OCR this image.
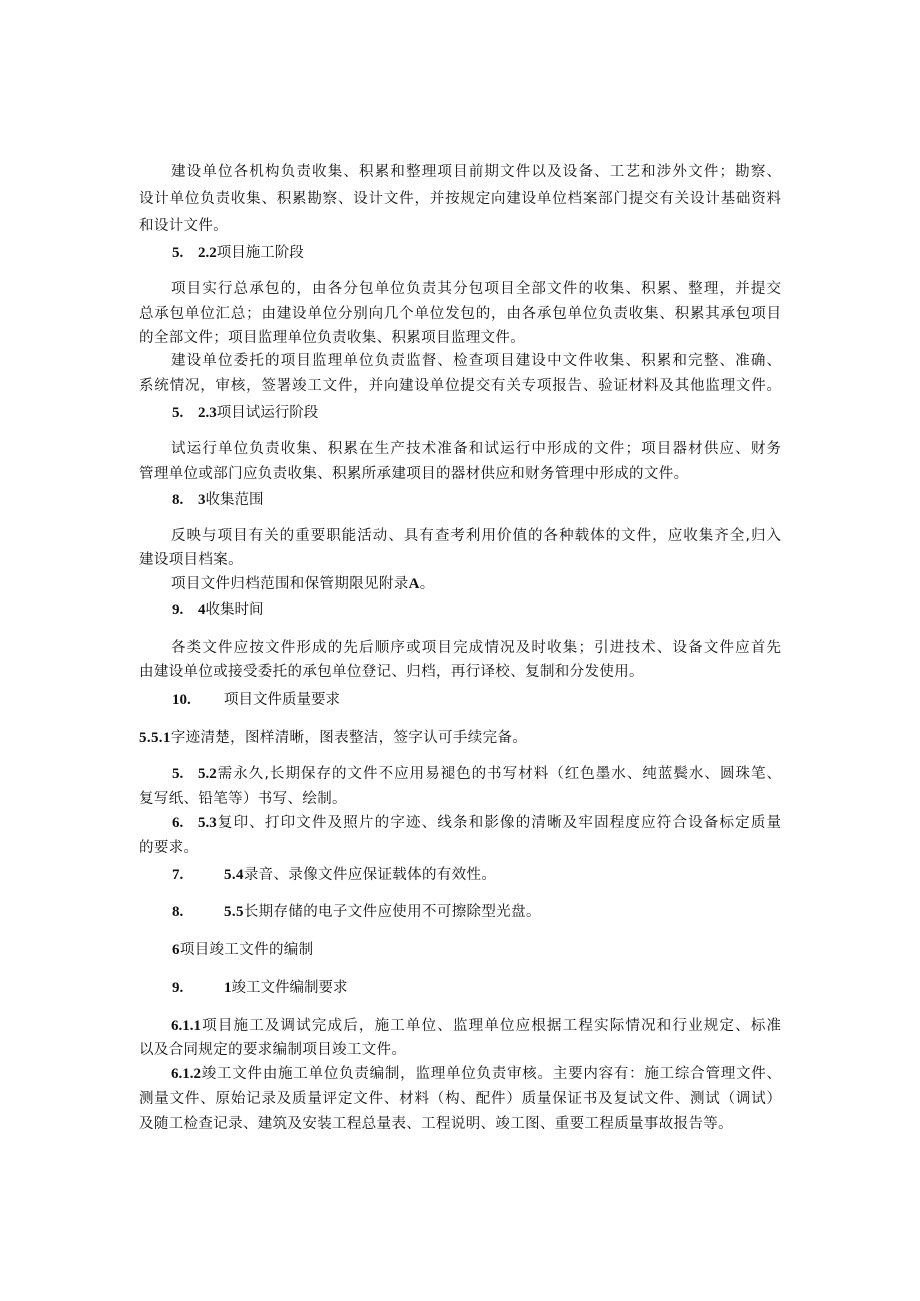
建设单位各机构负责收集、积累和整理项目前期文件以及设备、工艺和涉外文件；勘察、
设计单位负责收集、积累勘察、设计文件，并按规定向建设单位档案部门提交有关设计基础资料
和设计文件。
5. 2.2项目施工阶段
项目实行总承包的，由各分包单位负责其分包项目全部文件的收集、积累、整理，并提交
总承包单位汇总；由建设单位分别向几个单位发包的，由各承包单位负责收集、积累其承包项目
的全部文件；项目监理单位负责收集、积累项目监理文件。
建设单位委托的项目监理单位负责监督、检查项目建设中文件收集、积累和完整、准确、
系统情况，审核，签署竣工文件，并向建设单位提交有关专项报告、验证材料及其他监理文件。
5. 2.3项目试运行阶段
试运行单位负责收集、积累在生产技术准备和试运行中形成的文件；项目器材供应、财务
管理单位或部门应负责收集、积累所承建项目的器材供应和财务管理中形成的文件。
8. 3收集范围
反映与项目有关的重要职能活动、具有查考利用价值的各种载体的文件，应收集齐全,归入
建设项目档案。
项目文件归档范围和保管期限见附录A。
9. 4收集时间
各类文件应按文件形成的先后顺序或项目完成情况及时收集；引进技术、设备文件应首先
由建设单位或接受委托的承包单位登记、归档，再行译校、复制和分发使用。
10. 项目文件质量要求
5.5.1字迹清楚，图样清晰，图表整洁，签字认可手续完备。
5. 5.2需永久,长期保存的文件不应用易褪色的书写材料（红色墨水、纯蓝鬓水、圆珠笔、
复写纸、铅笔等）书写、绘制。
6. 5.3复印、打印文件及照片的字迹、线条和影像的清晰及牢固程度应符合设备标定质量
的要求。
7.	5.4录音、录像文件应保证载体的有效性。
8.	5.5长期存储的电子文件应使用不可擦除型光盘。
6项目竣工文件的编制
9.	1竣工文件编制要求
6.1.1项目施工及调试完成后，施工单位、监理单位应根据工程实际情况和行业规定、标准
以及合同规定的要求编制项目竣工文件。
6.1.2竣工文件由施工单位负责编制，监理单位负责审核。主要内容有：施工综合管理文件、
测量文件、原始记录及质量评定文件、材料（构、配件）质量保证书及复试文件、测试（调试）
及随工检查记录、建筑及安装工程总量表、工程说明、竣工图、重要工程质量事故报告等。
